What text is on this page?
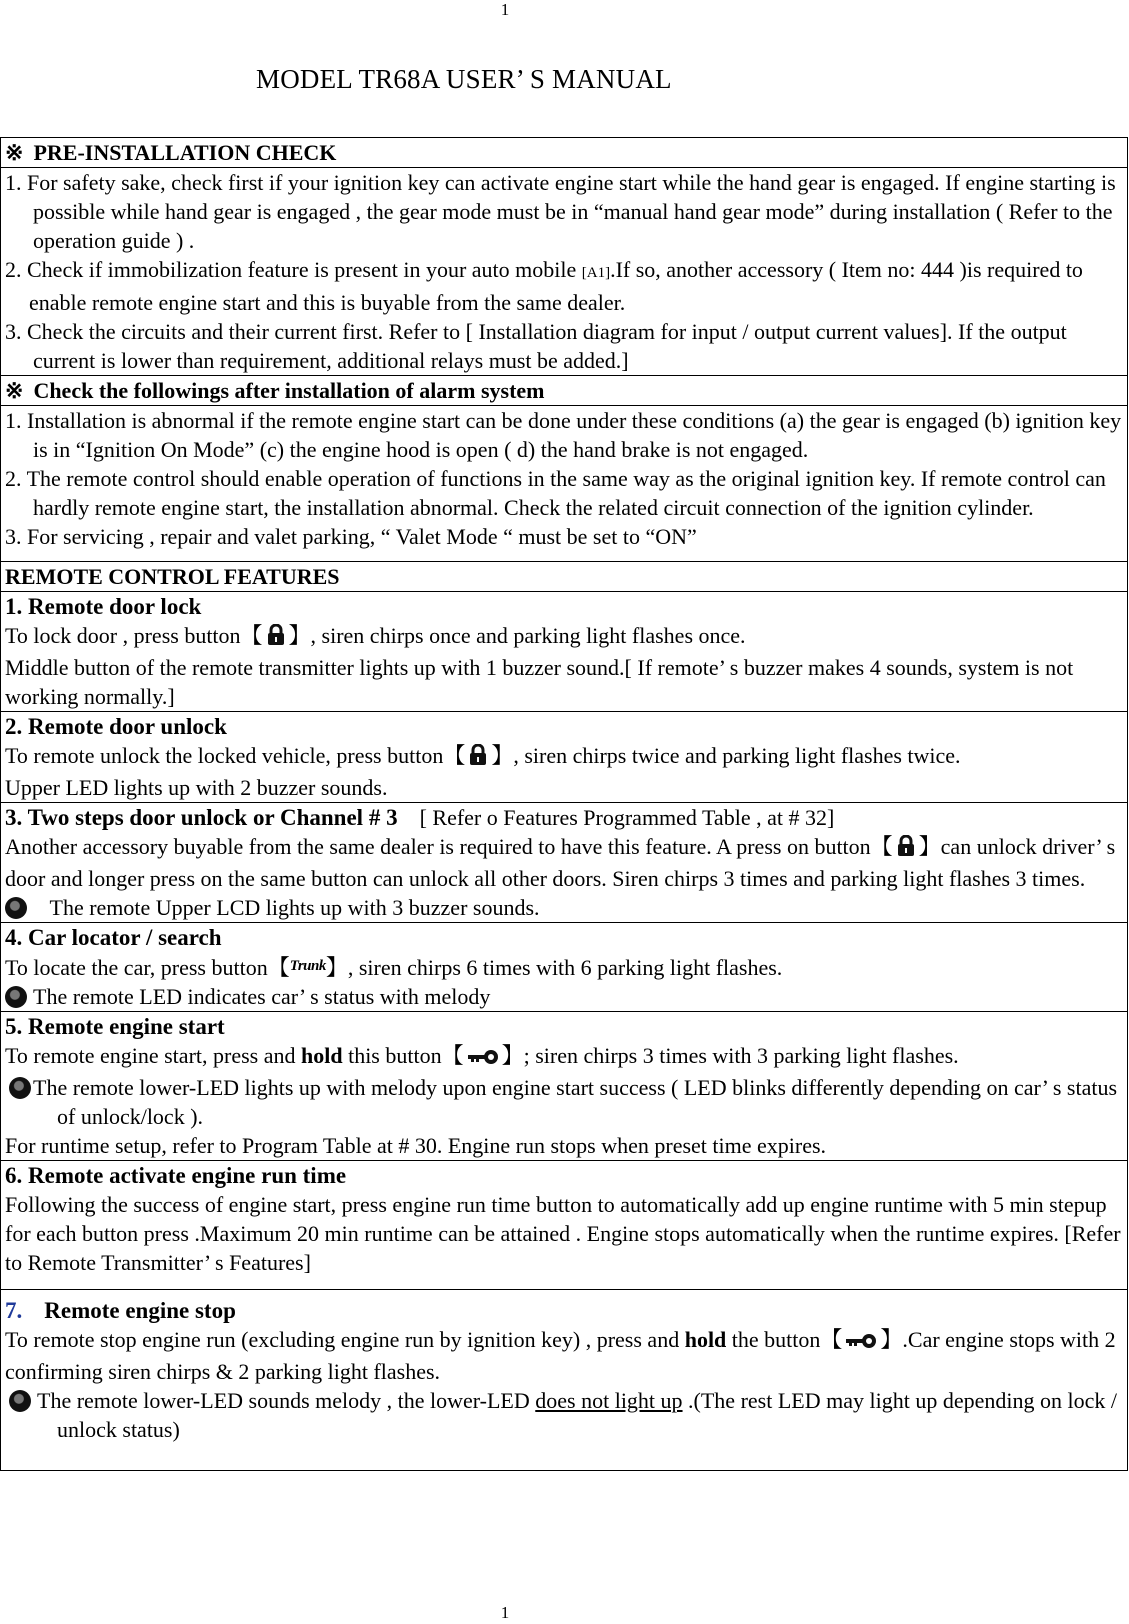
1
MODEL TR68A USER’ S MANUAL
※ PRE-INSTALLATION CHECK

1. For safety sake, check first if your ignition key can activate engine start while the hand gear is engaged. If engine starting is possible while hand gear is engaged , the gear mode must be in “manual hand gear mode” during installation ( Refer to the operation guide ) .
2. Check if immobilization feature is present in your auto mobile [A1].If so, another accessory ( Item no: 444 )is required to enable remote engine start and this is buyable from the same dealer.
3. Check the circuits and their current first. Refer to [ Installation diagram for input / output current values]. If the output current is lower than requirement, additional relays must be added.]

※ Check the followings after installation of alarm system

1. Installation is abnormal if the remote engine start can be done under these conditions (a) the gear is engaged (b) ignition key is in “Ignition On Mode” (c) the engine hood is open ( d) the hand brake is not engaged.
2. The remote control should enable operation of functions in the same way as the original ignition key. If remote control can hardly remote engine start, the installation abnormal. Check the related circuit connection of the ignition cylinder.
3. For servicing , repair and valet parking, “ Valet Mode “ must be set to “ON”

REMOTE CONTROL FEATURES

1. Remote door lock
To lock door , press button【 】, siren chirps once and parking light flashes once.
Middle button of the remote transmitter lights up with 1 buzzer sound.[ If remote’ s buzzer makes 4 sounds, system is not working normally.]

2. Remote door unlock
To remote unlock the locked vehicle, press button【 】, siren chirps twice and parking light flashes twice.
Upper LED lights up with 2 buzzer sounds.

3. Two steps door unlock or Channel # 3 [ Refer o Features Programmed Table , at # 32]
Another accessory buyable from the same dealer is required to have this feature. A press on button【 】can unlock driver’ s door and longer press on the same button can unlock all other doors. Siren chirps 3 times and parking light flashes 3 times.
The remote Upper LCD lights up with 3 buzzer sounds.

4. Car locator / search
To locate the car, press button【$^{Trunk}$】, siren chirps 6 times with 6 parking light flashes.
The remote LED indicates car’ s status with melody

5. Remote engine start
To remote engine start, press and hold this button【 】; siren chirps 3 times with 3 parking light flashes.
The remote lower-LED lights up with melody upon engine start success ( LED blinks differently depending on car’ s status of unlock/lock ).
For runtime setup, refer to Program Table at # 30. Engine run stops when preset time expires.

6. Remote activate engine run time
Following the success of engine start, press engine run time button to automatically add up engine runtime with 5 min stepup for each button press .Maximum 20 min runtime can be attained . Engine stops automatically when the runtime expires. [Refer to Remote Transmitter’ s Features]

7. Remote engine stop
To remote stop engine run (excluding engine run by ignition key) , press and hold the button【 】.Car engine stops with 2 confirming siren chirps & 2 parking light flashes.
The remote lower-LED sounds melody , the lower-LED does not light up .(The rest LED may light up depending on lock / unlock status)
1
